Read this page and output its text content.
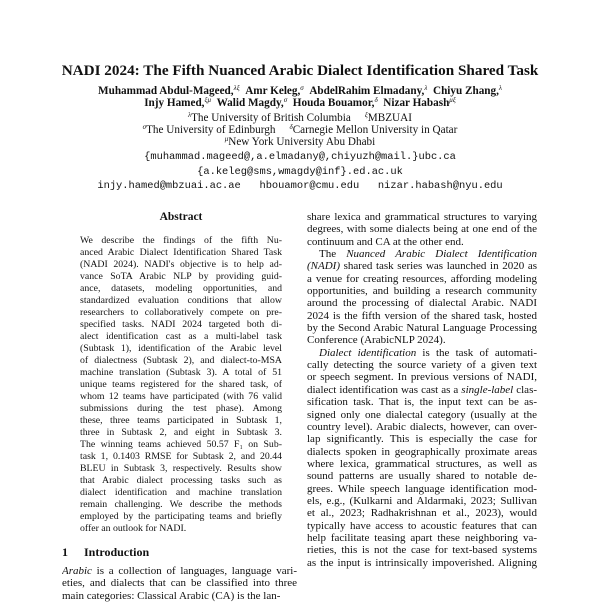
NADI 2024: The Fifth Nuanced Arabic Dialect Identification Shared Task
Muhammad Abdul-Mageed,$^{\lambda\xi}$ Amr Keleg,$^\sigma$ AbdelRahim Elmadany,$^\lambda$ Chiyu Zhang,$^\lambda$
Injy Hamed,$^{\xi\mu}$ Walid Magdy,$^\sigma$ Houda Bouamor,$^\delta$ Nizar Habash$^{\mu\xi}$
$^\lambda$The University of British Columbia $^\xi$MBZUAI
$^\sigma$The University of Edinburgh $^\delta$Carnegie Mellon University in Qatar
$^\mu$New York University Abu Dhabi
{muhammad.mageed@,a.elmadany@,chiyuzh@mail.}ubc.ca
{a.keleg@sms,wmagdy@inf}.ed.ac.uk
injy.hamed@mbzuai.ac.ae   hbouamor@cmu.edu   nizar.habash@nyu.edu
Abstract
We describe the findings of the fifth Nu-
anced Arabic Dialect Identification Shared Task
(NADI 2024). NADI's objective is to help ad-
vance SoTA Arabic NLP by providing guid-
ance, datasets, modeling opportunities, and
standardized evaluation conditions that allow
researchers to collaboratively compete on pre-
specified tasks. NADI 2024 targeted both di-
alect identification cast as a multi-label task
(Subtask 1), identification of the Arabic level
of dialectness (Subtask 2), and dialect-to-MSA
machine translation (Subtask 3). A total of 51
unique teams registered for the shared task, of
whom 12 teams have participated (with 76 valid
submissions during the test phase). Among
these, three teams participated in Subtask 1,
three in Subtask 2, and eight in Subtask 3.
The winning teams achieved 50.57 F₁ on Sub-
task 1, 0.1403 RMSE for Subtask 2, and 20.44
BLEU in Subtask 3, respectively. Results show
that Arabic dialect processing tasks such as
dialect identification and machine translation
remain challenging. We describe the methods
employed by the participating teams and briefly
offer an outlook for NADI.
1 Introduction
Arabic is a collection of languages, language vari-
eties, and dialects that can be classified into three
main categories: Classical Arabic (CA) is the lan-
share lexica and grammatical structures to varying
degrees, with some dialects being at one end of the
continuum and CA at the other end.
The Nuanced Arabic Dialect Identification
(NADI) shared task series was launched in 2020 as
a venue for creating resources, affording modeling
opportunities, and building a research community
around the processing of dialectal Arabic. NADI
2024 is the fifth version of the shared task, hosted
by the Second Arabic Natural Language Processing
Conference (ArabicNLP 2024).
Dialect identification is the task of automati-
cally detecting the source variety of a given text
or speech segment. In previous versions of NADI,
dialect identification was cast as a single-label clas-
sification task. That is, the input text can be as-
signed only one dialectal category (usually at the
country level). Arabic dialects, however, can over-
lap significantly. This is especially the case for
dialects spoken in geographically proximate areas
where lexica, grammatical structures, as well as
sound patterns are usually shared to notable de-
grees. While speech language identification mod-
els, e.g., (Kulkarni and Aldarmaki, 2023; Sullivan
et al., 2023; Radhakrishnan et al., 2023), would
typically have access to acoustic features that can
help facilitate teasing apart these neighboring va-
rieties, this is not the case for text-based systems
as the input is intrinsically impoverished. Aligning
